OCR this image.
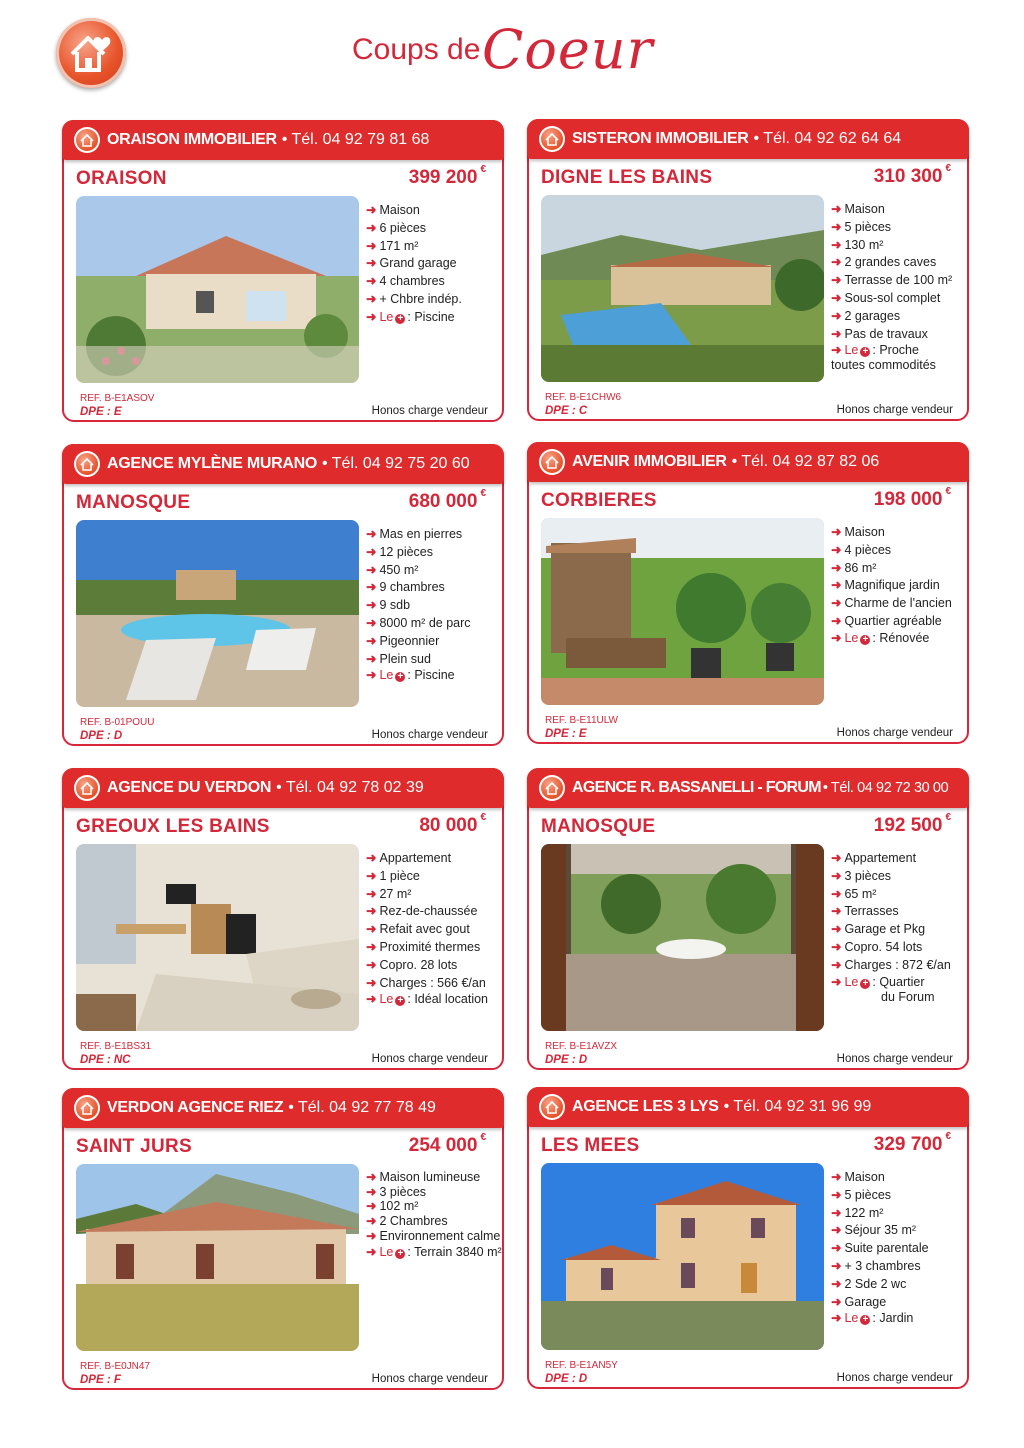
Coups de Coeur
ORAISON IMMOBILIER • Tél. 04 92 79 81 68
ORAISON	399 200 €
➜ Maison
➜ 6 pièces
➜ 171 m²
➜ Grand garage
➜ 4 chambres
➜ + Chbre indép.
➜ Le + : Piscine
REF. B-E1ASOV
DPE : E	Honos charge vendeur
SISTERON IMMOBILIER • Tél. 04 92 62 64 64
DIGNE LES BAINS	310 300 €
➜ Maison
➜ 5 pièces
➜ 130 m²
➜ 2 grandes caves
➜ Terrasse de 100 m²
➜ Sous-sol complet
➜ 2 garages
➜ Pas de travaux
➜ Le + : Proche
toutes commodités
REF. B-E1CHW6
DPE : C	Honos charge vendeur
AGENCE MYLÈNE MURANO • Tél. 04 92 75 20 60
MANOSQUE	680 000 €
➜ Mas en pierres
➜ 12 pièces
➜ 450 m²
➜ 9 chambres
➜ 9 sdb
➜ 8000 m² de parc
➜ Pigeonnier
➜ Plein sud
➜ Le + : Piscine
REF. B-01POUU
DPE : D	Honos charge vendeur
AVENIR IMMOBILIER • Tél. 04 92 87 82 06
CORBIERES	198 000 €
➜ Maison
➜ 4 pièces
➜ 86 m²
➜ Magnifique jardin
➜ Charme de l'ancien
➜ Quartier agréable
➜ Le + : Rénovée
REF. B-E11ULW
DPE : E	Honos charge vendeur
AGENCE DU VERDON • Tél. 04 92 78 02 39
GREOUX LES BAINS	80 000 €
➜ Appartement
➜ 1 pièce
➜ 27 m²
➜ Rez-de-chaussée
➜ Refait avec gout
➜ Proximité thermes
➜ Copro. 28 lots
➜ Charges : 566 €/an
➜ Le + : Idéal location
REF. B-E1BS31
DPE : NC	Honos charge vendeur
AGENCE R. BASSANELLI - FORUM • Tél. 04 92 72 30 00
MANOSQUE	192 500 €
➜ Appartement
➜ 3 pièces
➜ 65 m²
➜ Terrasses
➜ Garage et Pkg
➜ Copro. 54 lots
➜ Charges : 872 €/an
➜ Le + : Quartier
du Forum
REF. B-E1AVZX
DPE : D	Honos charge vendeur
VERDON AGENCE RIEZ • Tél. 04 92 77 78 49
SAINT JURS	254 000 €
➜ Maison lumineuse
➜ 3 pièces
➜ 102 m²
➜ 2 Chambres
➜ Environnement calme
➜ Le + : Terrain 3840 m²
REF. B-E0JN47
DPE : F	Honos charge vendeur
AGENCE LES 3 LYS • Tél. 04 92 31 96 99
LES MEES	329 700 €
➜ Maison
➜ 5 pièces
➜ 122 m²
➜ Séjour 35 m²
➜ Suite parentale
➜ + 3 chambres
➜ 2 Sde 2 wc
➜ Garage
➜ Le + : Jardin
REF. B-E1AN5Y
DPE : D	Honos charge vendeur
